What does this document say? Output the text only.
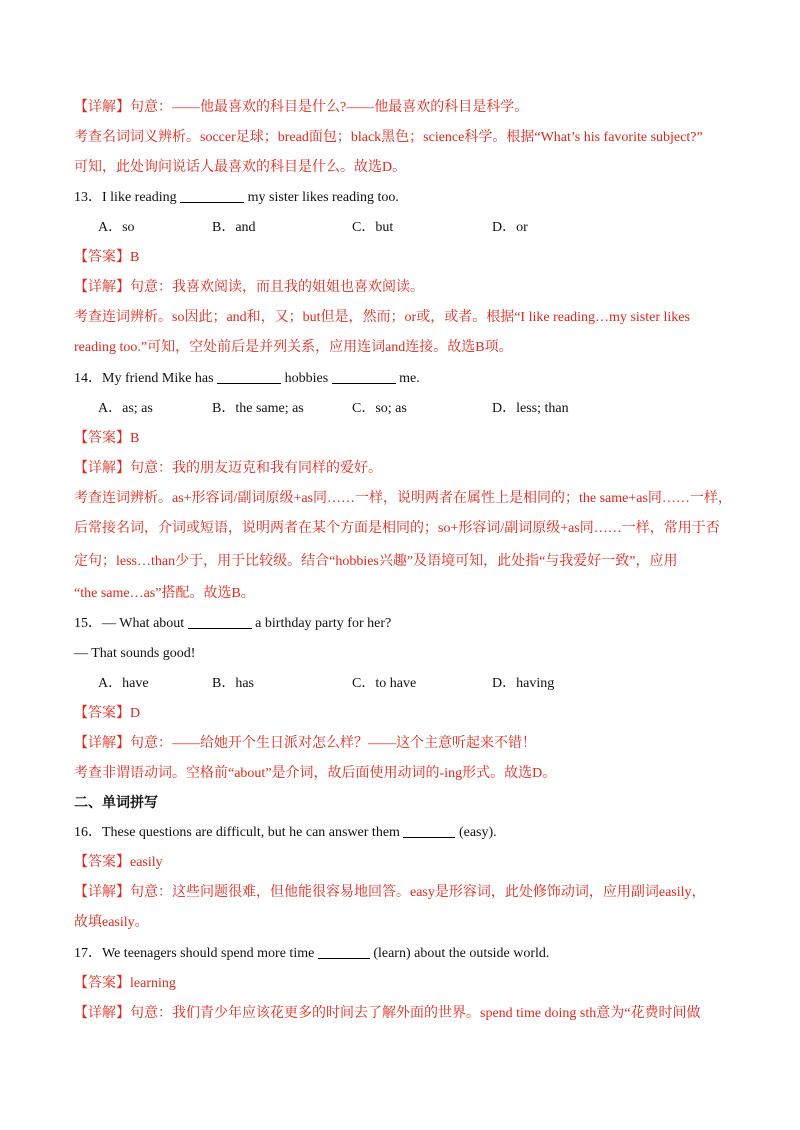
【详解】句意：——他最喜欢的科目是什么?——他最喜欢的科目是科学。
考查名词词义辨析。soccer足球；bread面包；black黑色；science科学。根据“What’s his favorite subject?”
可知，此处询问说话人最喜欢的科目是什么。故选D。
13．I like reading	my sister likes reading too.
A．so	B．and	C．but	D．or
【答案】B
【详解】句意：我喜欢阅读，而且我的姐姐也喜欢阅读。
考查连词辨析。so因此；and和，又；but但是，然而；or或，或者。根据“I like reading…my sister likes
reading too.”可知，空处前后是并列关系，应用连词and连接。故选B项。
14．My friend Mike has	hobbies	me.
A．as; as	B．the same; as	C．so; as	D．less; than
【答案】B
【详解】句意：我的朋友迈克和我有同样的爱好。
考查连词辨析。as+形容词/副词原级+as同……一样，说明两者在属性上是相同的；the same+as同……一样，
后常接名词，介词或短语，说明两者在某个方面是相同的；so+形容词/副词原级+as同……一样，常用于否
定句；less…than少于，用于比较级。结合“hobbies兴趣”及语境可知，此处指“与我爱好一致”，应用
“the same…as”搭配。故选B。
15．— What about	a birthday party for her?
— That sounds good!
A．have	B．has	C．to have	D．having
【答案】D
【详解】句意：——给她开个生日派对怎么样？——这个主意听起来不错！
考查非谓语动词。空格前“about”是介词，故后面使用动词的-ing形式。故选D。
二、单词拼写
16．These questions are difficult, but he can answer them	(easy).
【答案】easily
【详解】句意：这些问题很难，但他能很容易地回答。easy是形容词，此处修饰动词，应用副词easily，
故填easily。
17．We teenagers should spend more time	(learn) about the outside world.
【答案】learning
【详解】句意：我们青少年应该花更多的时间去了解外面的世界。spend time doing sth意为“花费时间做
